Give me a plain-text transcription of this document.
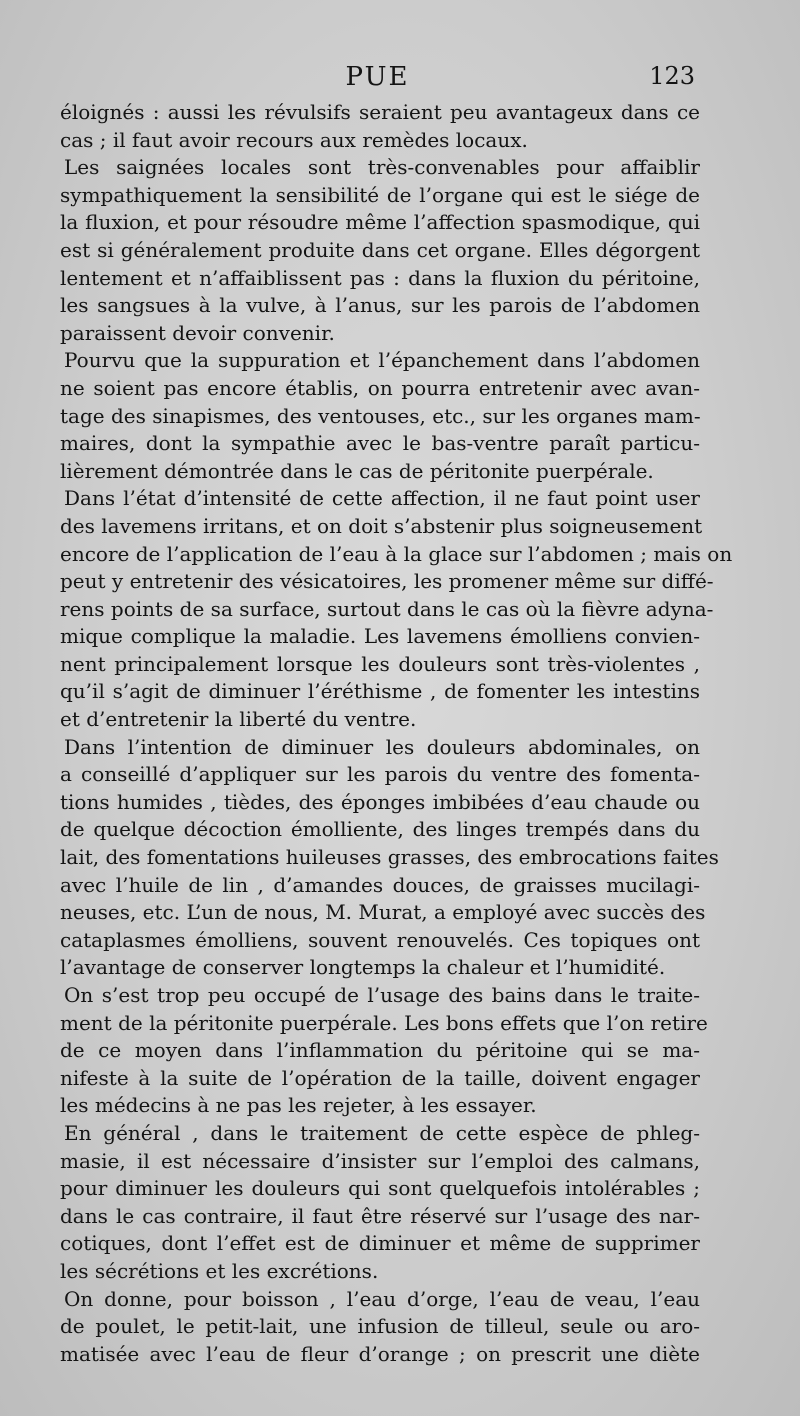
PUE	123
éloignés : aussi les révulsifs seraient peu avantageux dans ce
cas ; il faut avoir recours aux remèdes locaux.
Les saignées locales sont très-convenables pour affaiblir
sympathiquement la sensibilité de l’organe qui est le siége de
la fluxion, et pour résoudre même l’affection spasmodique, qui
est si généralement produite dans cet organe. Elles dégorgent
lentement et n’affaiblissent pas : dans la fluxion du péritoine,
les sangsues à la vulve, à l’anus, sur les parois de l’abdomen
paraissent devoir convenir.
Pourvu que la suppuration et l’épanchement dans l’abdomen
ne soient pas encore établis, on pourra entretenir avec avan-
tage des sinapismes, des ventouses, etc., sur les organes mam-
maires, dont la sympathie avec le bas-ventre paraît particu-
lièrement démontrée dans le cas de péritonite puerpérale.
Dans l’état d’intensité de cette affection, il ne faut point user
des lavemens irritans, et on doit s’abstenir plus soigneusement
encore de l’application de l’eau à la glace sur l’abdomen ; mais on
peut y entretenir des vésicatoires, les promener même sur diffé-
rens points de sa surface, surtout dans le cas où la fièvre adyna-
mique complique la maladie. Les lavemens émolliens convien-
nent principalement lorsque les douleurs sont très-violentes ,
qu’il s’agit de diminuer l’éréthisme , de fomenter les intestins
et d’entretenir la liberté du ventre.
Dans l’intention de diminuer les douleurs abdominales, on
a conseillé d’appliquer sur les parois du ventre des fomenta-
tions humides , tièdes, des éponges imbibées d’eau chaude ou
de quelque décoction émolliente, des linges trempés dans du
lait, des fomentations huileuses grasses, des embrocations faites
avec l’huile de lin , d’amandes douces, de graisses mucilagi-
neuses, etc. L’un de nous, M. Murat, a employé avec succès des
cataplasmes émolliens, souvent renouvelés. Ces topiques ont
l’avantage de conserver longtemps la chaleur et l’humidité.
On s’est trop peu occupé de l’usage des bains dans le traite-
ment de la péritonite puerpérale. Les bons effets que l’on retire
de ce moyen dans l’inflammation du péritoine qui se ma-
nifeste à la suite de l’opération de la taille, doivent engager
les médecins à ne pas les rejeter, à les essayer.
En général , dans le traitement de cette espèce de phleg-
masie, il est nécessaire d’insister sur l’emploi des calmans,
pour diminuer les douleurs qui sont quelquefois intolérables ;
dans le cas contraire, il faut être réservé sur l’usage des nar-
cotiques, dont l’effet est de diminuer et même de supprimer
les sécrétions et les excrétions.
On donne, pour boisson , l’eau d’orge, l’eau de veau, l’eau
de poulet, le petit-lait, une infusion de tilleul, seule ou aro-
matisée avec l’eau de fleur d’orange ; on prescrit une diète
